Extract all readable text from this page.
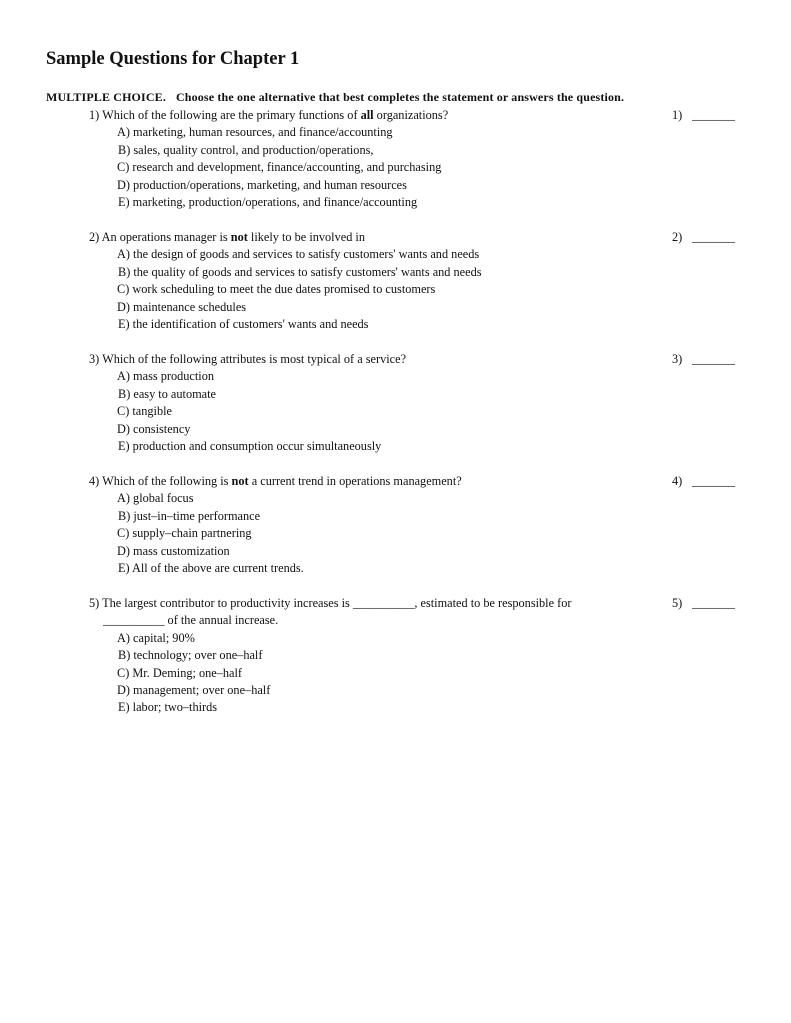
Sample Questions for Chapter 1
MULTIPLE CHOICE. Choose the one alternative that best completes the statement or answers the question.
1) Which of the following are the primary functions of all organizations?	1) _______
A) marketing, human resources, and finance/accounting
B) sales, quality control, and production/operations,
C) research and development, finance/accounting, and purchasing
D) production/operations, marketing, and human resources
E) marketing, production/operations, and finance/accounting
2) An operations manager is not likely to be involved in	2) _______
A) the design of goods and services to satisfy customers' wants and needs
B) the quality of goods and services to satisfy customers' wants and needs
C) work scheduling to meet the due dates promised to customers
D) maintenance schedules
E) the identification of customers' wants and needs
3) Which of the following attributes is most typical of a service?	3) _______
A) mass production
B) easy to automate
C) tangible
D) consistency
E) production and consumption occur simultaneously
4) Which of the following is not a current trend in operations management?	4) _______
A) global focus
B) just–in–time performance
C) supply–chain partnering
D) mass customization
E) All of the above are current trends.
5) The largest contributor to productivity increases is __________, estimated to be responsible for
__________ of the annual increase.
5) _______
A) capital; 90%
B) technology; over one–half
C) Mr. Deming; one–half
D) management; over one–half
E) labor; two–thirds
